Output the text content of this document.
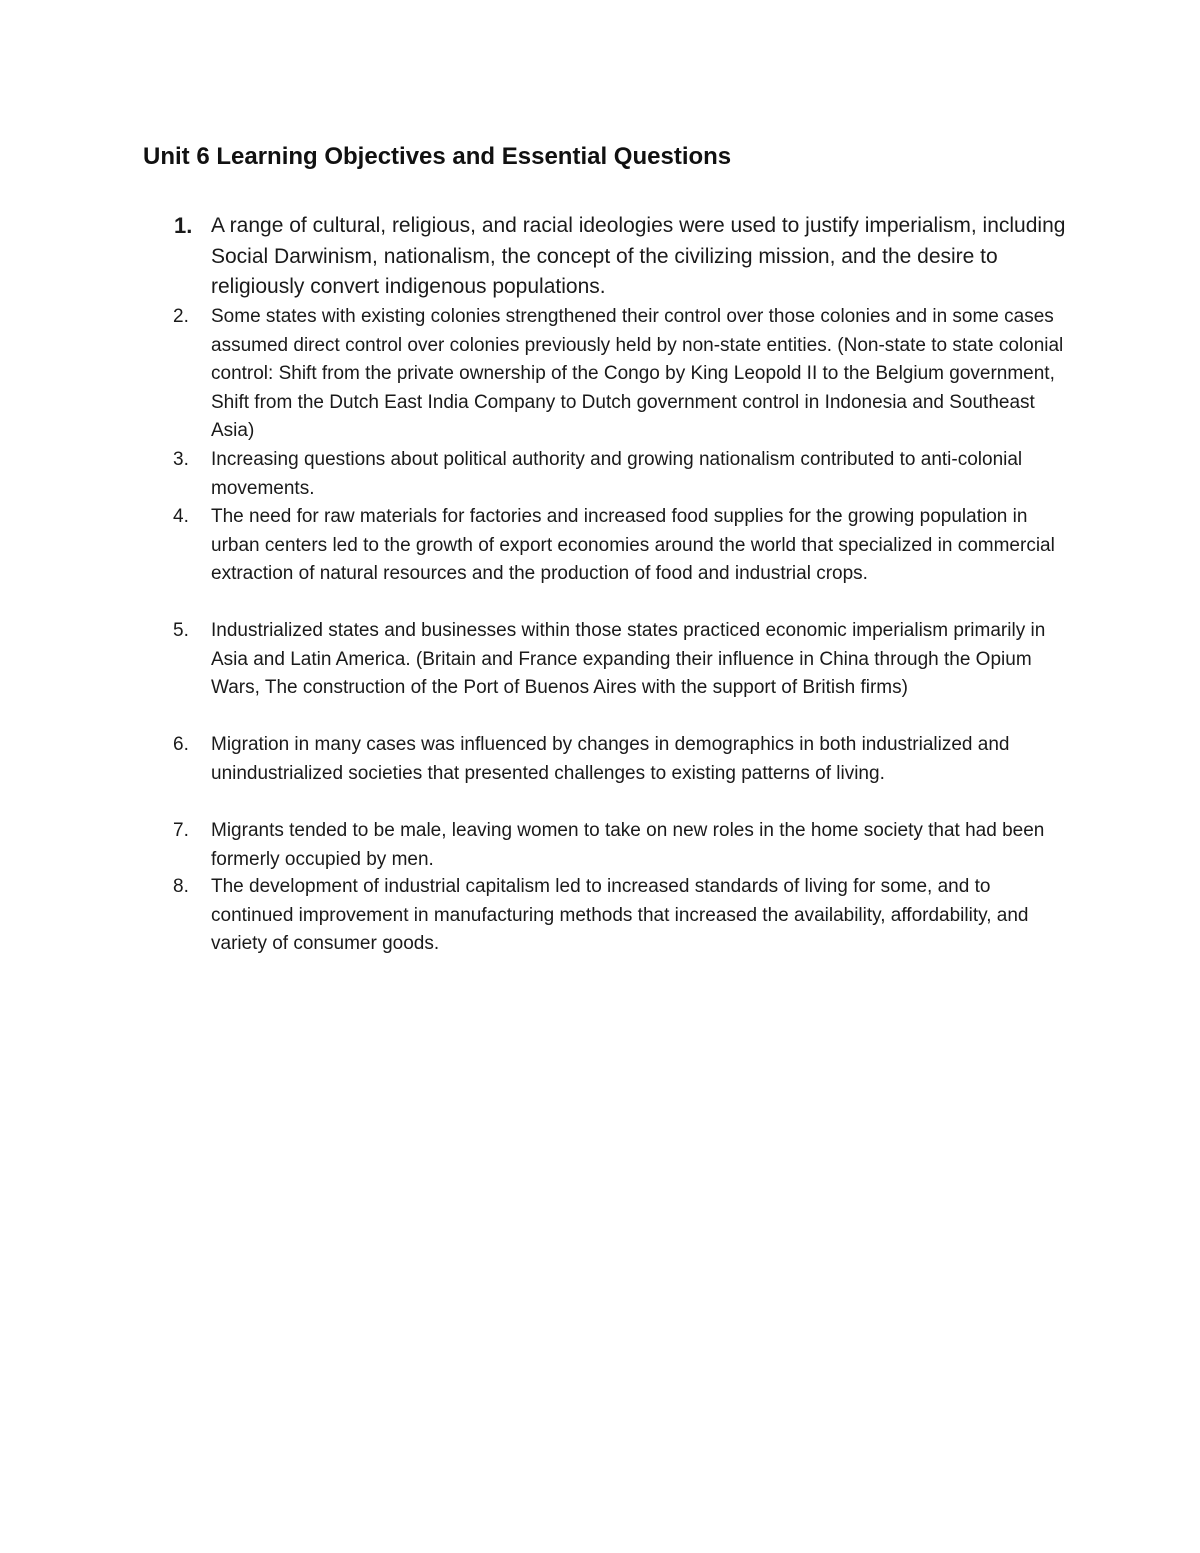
Unit 6 Learning Objectives and Essential Questions
1. A range of cultural, religious, and racial ideologies were used to justify imperialism, including Social Darwinism, nationalism, the concept of the civilizing mission, and the desire to religiously convert indigenous populations.
2.	Some states with existing colonies strengthened their control over those colonies and in some cases assumed direct control over colonies previously held by non-state entities. (Non-state to state colonial control: Shift from the private ownership of the Congo by King Leopold II to the Belgium government, Shift from the Dutch East India Company to Dutch government control in Indonesia and Southeast Asia)
3.	Increasing questions about political authority and growing nationalism contributed to anti-colonial movements.
4.	The need for raw materials for factories and increased food supplies for the growing population in urban centers led to the growth of export economies around the world that specialized in commercial extraction of natural resources and the production of food and industrial crops.
5.	Industrialized states and businesses within those states practiced economic imperialism primarily in Asia and Latin America. (Britain and France expanding their influence in China through the Opium Wars, The construction of the Port of Buenos Aires with the support of British firms)
6.	Migration in many cases was influenced by changes in demographics in both industrialized and unindustrialized societies that presented challenges to existing patterns of living.
7.	Migrants tended to be male, leaving women to take on new roles in the home society that had been formerly occupied by men.
8.	The development of industrial capitalism led to increased standards of living for some, and to continued improvement in manufacturing methods that increased the availability, affordability, and variety of consumer goods.
